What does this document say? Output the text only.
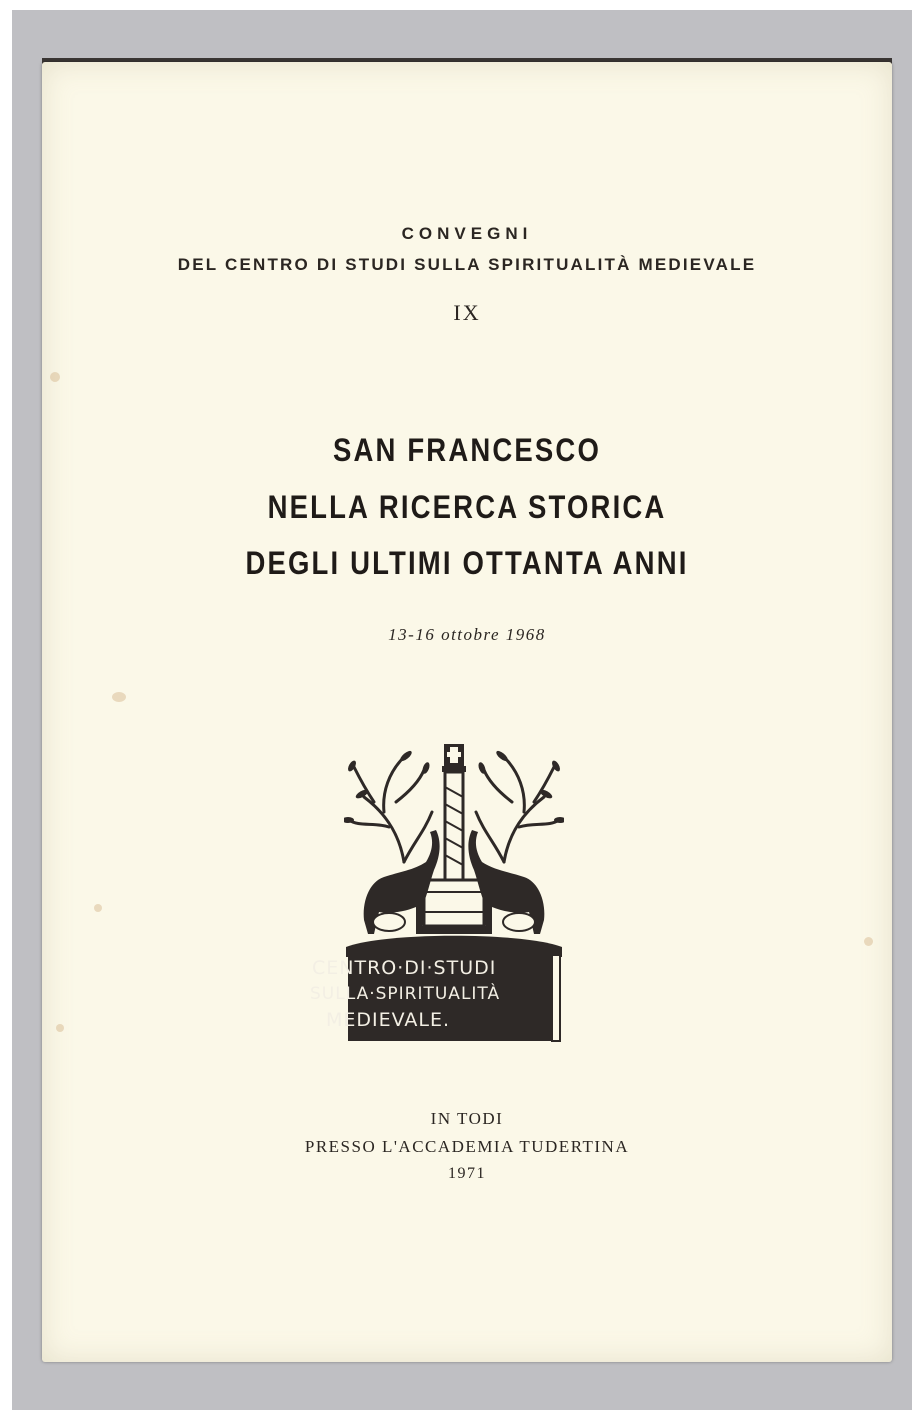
CONVEGNI
DEL CENTRO DI STUDI SULLA SPIRITUALITÀ MEDIEVALE
IX
SAN FRANCESCO
NELLA RICERCA STORICA
DEGLI ULTIMI OTTANTA ANNI
13-16 ottobre 1968
CENTRO·DI·STUDI
SULLA·SPIRITUALITÀ
MEDIEVALE.
IN TODI
PRESSO L'ACCADEMIA TUDERTINA
1971
